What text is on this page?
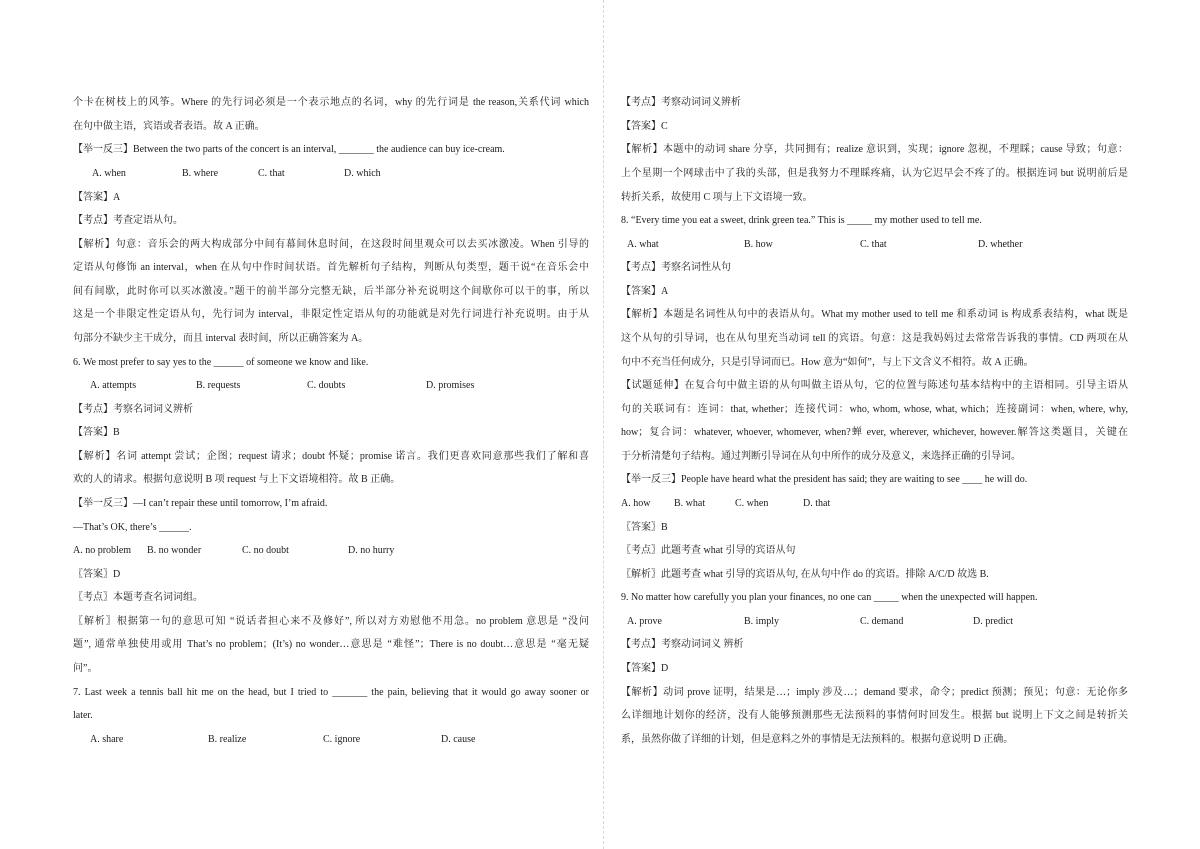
个卡在树枝上的风筝。Where 的先行词必须是一个表示地点的名词，why 的先行词是 the reason,关系代词 which
在句中做主语，宾语或者表语。故 A 正确。
【举一反三】Between the two parts of the concert is an interval, _______ the audience can buy ice-cream.
A. when	B. where	C. that	D. which
【答案】A
【考点】考查定语从句。
【解析】句意：音乐会的两大构成部分中间有幕间休息时间，在这段时间里观众可以去买冰激凌。When 引导的
定语从句修饰 an interval，when 在从句中作时间状语。首先解析句子结构，判断从句类型，题干说“在音乐会中
间有间歇，此时你可以买冰激凌。”题干的前半部分完整无缺，后半部分补充说明这个间歇你可以干的事，所以
这是一个非限定性定语从句，先行词为 interval，非限定性定语从句的功能就是对先行词进行补充说明。由于从
句部分不缺少主干成分，而且 interval 表时间，所以正确答案为 A。
6. We most prefer to say yes to the ______ of someone we know and like.
A. attempts	B. requests	C. doubts	D. promises
【考点】考察名词词义辨析
【答案】B
【解析】名词 attempt 尝试；企图；request 请求；doubt 怀疑；promise 诺言。我们更喜欢同意那些我们了解和喜
欢的人的请求。根据句意说明 B 项 request 与上下文语境相符。故 B 正确。
【举一反三】—I can’t repair these until tomorrow, I’m afraid.
—That’s OK, there’s ______.
A. no problem B. no wonder	C. no doubt	D. no hurry
〖答案〗D
〖考点〗本题考查名词词组。
〖解析〗根据第一句的意思可知 “说话者担心来不及修好”, 所以对方劝慰他不用急。no problem 意思是 “没问
题”, 通常单独使用或用 That’s no problem；(It’s) no wonder…意思是 “难怪”；There is no doubt…意思是 “毫无疑
问”。
7. Last week a tennis ball hit me on the head, but I tried to _______ the pain, believing that it would go away sooner or
later.
A. share	B. realize	C. ignore	D. cause
【考点】考察动词词义辨析
【答案】C
【解析】本题中的动词 share 分享，共同拥有；realize 意识到，实现；ignore 忽视，不理睬；cause 导致；句意：
上个星期一个网球击中了我的头部，但是我努力不理睬疼痛，认为它迟早会不疼了的。根据连词 but 说明前后是
转折关系，故使用 C 项与上下文语境一致。
8. “Every time you eat a sweet, drink green tea.” This is _____ my mother used to tell me.
A. what	B. how	C. that	D. whether
【考点】考察名词性从句
【答案】A
【解析】本题是名词性从句中的表语从句。What my mother used to tell me 和系动词 is 构成系表结构，what 既是
这个从句的引导词，也在从句里充当动词 tell 的宾语。句意：这是我妈妈过去常常告诉我的事情。CD 两项在从
句中不充当任何成分，只是引导词而已。How 意为“如何”，与上下文含义不相符。故 A 正确。
【试题延伸】在复合句中做主语的从句叫做主语从句，它的位置与陈述句基本结构中的主语相同。引导主语从
句的关联词有：连词：that, whether；连接代词：who, whom, whose, what, which；连接副词：when, where, why,
how；复合词：whatever, whoever, whomever, when?蝉 ever, wherever, whichever, however.解答这类题目，关键在
于分析清楚句子结构。通过判断引导词在从句中所作的成分及意义，来选择正确的引导词。
【举一反三】People have heard what the president has said; they are waiting to see ____ he will do.
A. how B. what	C. when	D. that
〖答案〗B
〖考点〗此题考查 what 引导的宾语从句
〖解析〗此题考查 what 引导的宾语从句, 在从句中作 do 的宾语。排除 A/C/D 故选 B.
9. No matter how carefully you plan your finances, no one can _____ when the unexpected will happen.
A. prove	B. imply	C. demand	D. predict
【考点】考察动词词义 辨析
【答案】D
【解析】动词 prove 证明，结果是…；imply 涉及…；demand 要求，命令；predict 预测；预见；句意：无论你多
么详细地计划你的经济，没有人能够预测那些无法预料的事情何时回发生。根据 but 说明上下文之间是转折关
系，虽然你做了详细的计划，但是意料之外的事情是无法预料的。根据句意说明 D 正确。
